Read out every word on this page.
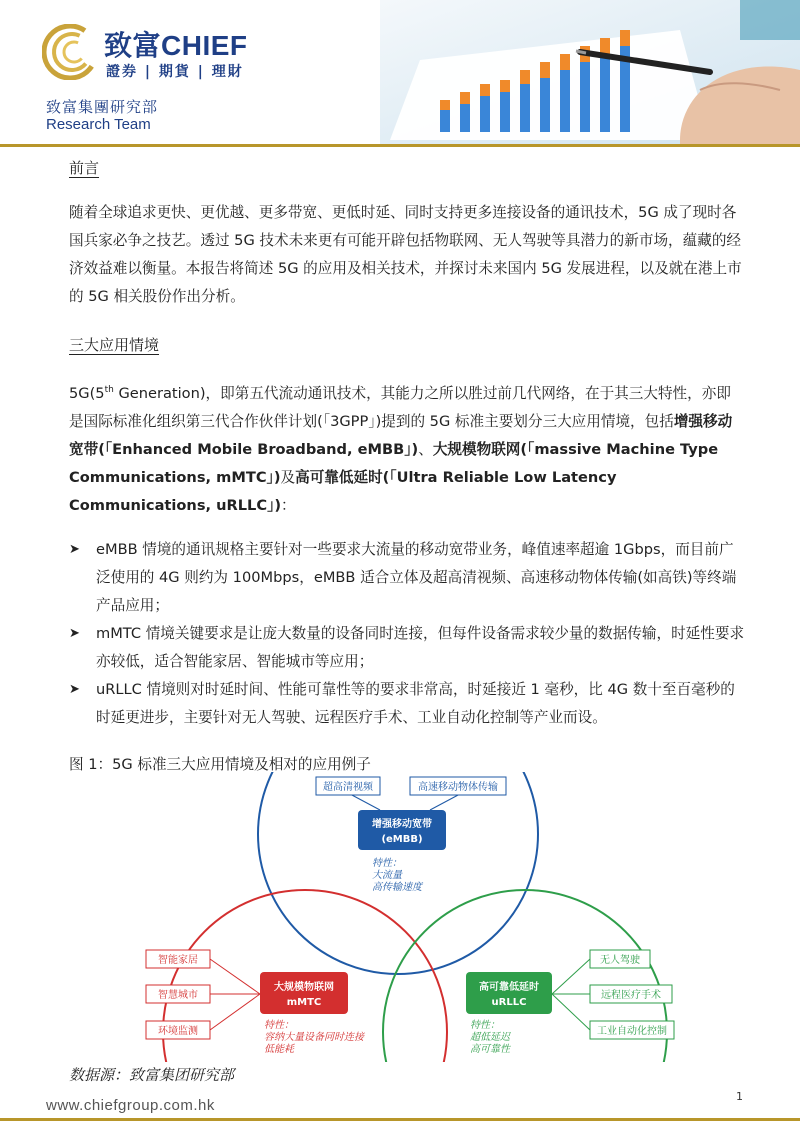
致富CHIEF
證券 | 期貨 | 理財
致富集團研究部
Research Team
前言
随着全球追求更快、更优越、更多带宽、更低时延、同时支持更多连接设备的通讯技术，5G 成了现时各国兵家必争之技艺。透过 5G 技术未来更有可能开辟包括物联网、无人驾驶等具潜力的新市场，蕴藏的经济效益难以衡量。本报告将简述 5G 的应用及相关技术，并探讨未来国内 5G 发展进程，以及就在港上市的 5G 相关股份作出分析。
三大应用情境
5G(5th Generation)，即第五代流动通讯技术，其能力之所以胜过前几代网络，在于其三大特性，亦即是国际标准化组织第三代合作伙伴计划(「3GPP」)提到的 5G 标准主要划分三大应用情境，包括增强移动宽带(「Enhanced Mobile Broadband, eMBB」)、大规模物联网(「massive Machine Type Communications, mMTC」)及高可靠低延时(「Ultra Reliable Low Latency Communications, uRLLC」)：
➤ eMBB 情境的通讯规格主要针对一些要求大流量的移动宽带业务，峰值速率超逾 1Gbps，而目前广泛使用的 4G 则约为 100Mbps，eMBB 适合立体及超高清视频、高速移动物体传输(如高铁)等终端产品应用；
➤ mMTC 情境关键要求是让庞大数量的设备同时连接，但每件设备需求较少量的数据传输，时延性要求亦较低，适合智能家居、智能城市等应用；
➤ uRLLC 情境则对时延时间、性能可靠性等的要求非常高，时延接近 1 毫秒，比 4G 数十至百毫秒的时延更进步，主要针对无人驾驶、远程医疗手术、工业自动化控制等产业而设。
图 1：5G 标准三大应用情境及相对的应用例子
超高清视频	高速移动物体传输
增强移动宽带
(eMBB)
特性：
大流量
高传输速度
智能家居
智慧城市
环境监测
大规模物联网
mMTC
特性：
容纳大量设备同时连接
低能耗
高可靠低延时
uRLLC
特性：
超低延迟
高可靠性
无人驾驶
远程医疗手术
工业自动化控制
数据源：致富集团研究部
www.chiefgroup.com.hk
1
